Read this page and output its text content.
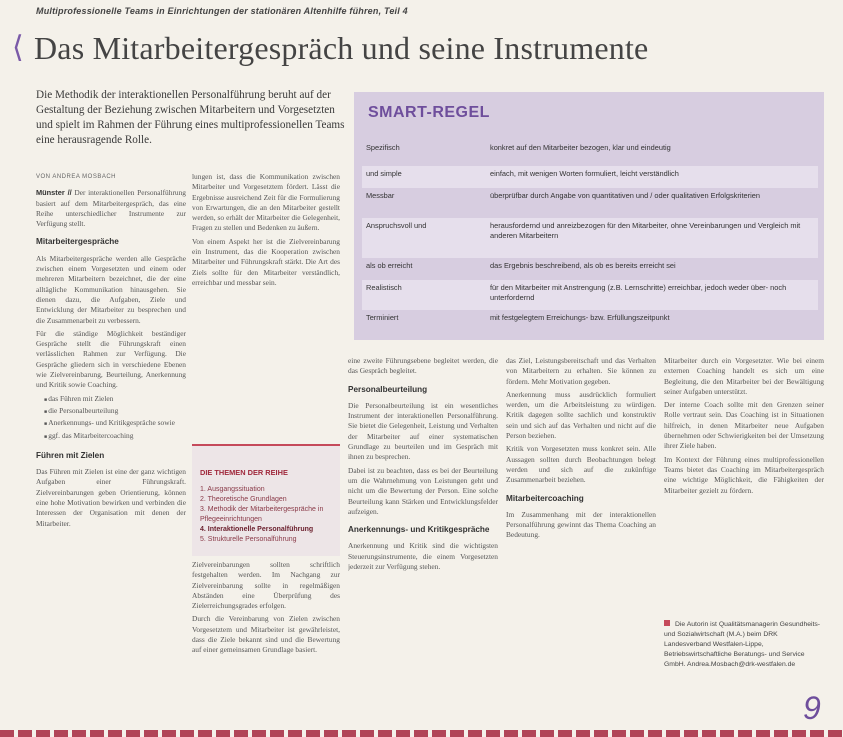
Multiprofessionelle Teams in Einrichtungen der stationären Altenhilfe führen, Teil 4
⟨ Das Mitarbeitergespräch und seine Instrumente
Die Methodik der interaktionellen Personalführung beruht auf der Gestaltung der Beziehung zwischen Mitarbeitern und Vorgesetzten und spielt im Rahmen der Führung eines multiprofessionellen Teams eine herausragende Rolle.
VON ANDREA MOSBACH

Münster // Der interaktionellen Personalführung basiert auf dem Mitarbeitergespräch, das eine Reihe unterschiedlicher Instrumente zur Verfügung stellt.

Mitarbeitergespräche

Als Mitarbeitergespräche werden alle Gespräche zwischen einem Vorgesetzten und einem oder mehreren Mitarbeitern bezeichnet, die der eine alltägliche Kommunikation hinausgehen. Sie dienen dazu, die Aufgaben, Ziele und Entwicklung der Mitarbeiter zu besprechen und die Zusammenarbeit zu verbessern.

Für die ständige Möglichkeit beständiger Gespräche stellt die Führungskraft einen verlässlichen Rahmen zur Verfügung. Die Gespräche gliedern sich in verschiedene Ebenen wie Zielvereinbarung, Beurteilung, Anerkennung und Kritik sowie Coaching.

■ das Führen mit Zielen
■ die Personalbeurteilung
■ Anerkennungs- und Kritikgespräche sowie
■ ggf. das Mitarbeitercoaching
Führen mit Zielen

Das Führen mit Zielen ist eine der ganz wichtigen Aufgaben einer Führungskraft. Zielvereinbarungen geben Orientierung, können eine hohe Motivation bewirken und verbinden die Interessen der Organisation mit denen der Mitarbeiter.

lungen ist, dass die Kommunikation zwischen Mitarbeiter und Vorgesetztem fördert. Lässt die Ergebnisse ausreichend Zeit für die Formulierung von Erwartungen, die an den Mitarbeiter gestellt werden, so erhält der Mitarbeiter die Gelegenheit, Fragen zu stellen und Bedenken zu äußern.

Von einem Aspekt her ist die Zielvereinbarung ein Instrument, das die Kooperation zwischen Mitarbeiter und Führungskraft stärkt. Die Art des Ziels sollte für den Mitarbeiter verständlich, erreichbar und messbar sein.

DIE THEMEN DER REIHE
1. Ausgangssituation
2. Theoretische Grundlagen
3. Methodik der Mitarbeitergespräche in Pflegeeinrichtungen
4. Interaktionelle Personalführung
5. Strukturelle Personalführung

Zielvereinbarungen sollten schriftlich festgehalten werden. Im Nachgang zur Zielvereinbarung sollte in regelmäßigen Abständen eine Überprüfung des Zielerreichungsgrades erfolgen.

Durch die Vereinbarung von Zielen zwischen Vorgesetztem und Mitarbeiter ist gewährleistet, dass die Ziele bekannt sind und die Bewertung auf einer gemeinsamen Grundlage basiert.

SMART-REGEL
Spezifisch	konkret auf den Mitarbeiter bezogen, klar und eindeutig
und simple	einfach, mit wenigen Worten formuliert, leicht verständlich
Messbar	überprüfbar durch Angabe von quantitativen und / oder qualitativen Erfolgskriterien
Anspruchsvoll und	herausfordernd und anreizbezogen für den Mitarbeiter, ohne Vereinbarungen und Vergleich mit anderen Mitarbeitern
als ob erreicht	das Ergebnis beschreibend, als ob es bereits erreicht sei
Realistisch	für den Mitarbeiter mit Anstrengung (z.B. Lernschritte) erreichbar, jedoch weder über- noch unterfordernd
Terminiert	mit festgelegtem Erreichungs- bzw. Erfüllungszeitpunkt

eine zweite Führungsebene begleitet werden, die das Gespräch begleitet.

Personalbeurteilung

Die Personalbeurteilung ist ein wesentliches Instrument der interaktionellen Personalführung. Sie bietet die Gelegenheit, Leistung und Verhalten der Mitarbeiter auf einer systematischen Grundlage zu beurteilen und im Gespräch mit ihnen zu besprechen.

Dabei ist zu beachten, dass es bei der Beurteilung um die Wahrnehmung von Leistungen geht und nicht um die Bewertung der Person. Eine solche Beurteilung kann Stärken und Entwicklungsfelder aufzeigen.

Anerkennungs- und Kritikgespräche

Anerkennung und Kritik sind die wichtigsten Steuerungsinstrumente, die einem Vorgesetzten jederzeit zur Verfügung stehen.

das Ziel, Leistungsbereitschaft und das Verhalten von Mitarbeitern zu erhalten. Sie können zu fördern. Mehr Motivation gegeben.

Anerkennung muss ausdrücklich formuliert werden, um die Arbeitsleistung zu würdigen. Kritik dagegen sollte sachlich und konstruktiv sein und sich auf das Verhalten und nicht auf die Person beziehen.

Kritik von Vorgesetzten muss konkret sein. Alle Aussagen sollten durch Beobachtungen belegt werden und sich auf die zukünftige Zusammenarbeit beziehen.

Mitarbeitercoaching

Im Zusammenhang mit der interaktionellen Personalführung gewinnt das Thema Coaching an Bedeutung.

Mitarbeiter durch ein Vorgesetzter. Wie bei einem externen Coaching handelt es sich um eine Begleitung, die den Mitarbeiter bei der Bewältigung seiner Aufgaben unterstützt.

Der interne Coach sollte mit den Grenzen seiner Rolle vertraut sein. Das Coaching ist in Situationen hilfreich, in denen Mitarbeiter neue Aufgaben übernehmen oder Schwierigkeiten bei der Umsetzung ihrer Ziele haben.

Im Kontext der Führung eines multiprofessionellen Teams bietet das Coaching im Mitarbeitergespräch eine wichtige Möglichkeit, die Fähigkeiten der Mitarbeiter gezielt zu fördern.

Die Autorin ist Qualitätsmanagerin Gesundheits- und Sozialwirtschaft (M.A.) beim DRK Landesverband Westfalen-Lippe, Betriebswirtschaftliche Beratungs- und Service GmbH. Andrea.Mosbach@drk-westfalen.de
9
